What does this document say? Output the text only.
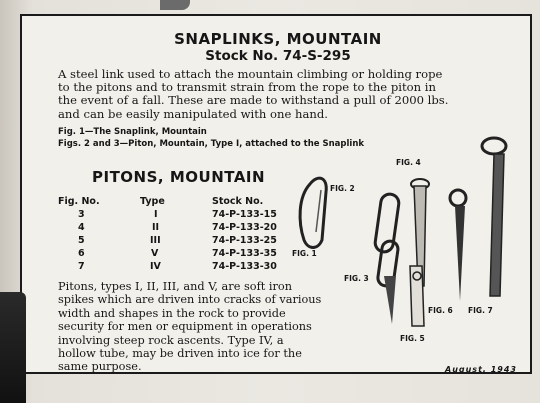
SNAPLINKS, MOUNTAIN
Stock No. 74-S-295
A steel link used to attach the mountain climbing or holding rope
to the pitons and to transmit strain from the rope to the piton in
the event of a fall. These are made to withstand a pull of 2000 lbs.
and can be easily manipulated with one hand.
Fig. 1—The Snaplink, Mountain
Figs. 2 and 3—Piton, Mountain, Type I, attached to the Snaplink
PITONS, MOUNTAIN
Fig. No.	Type	Stock No.
3	I	74-P-133-15
4	II	74-P-133-20
5	III	74-P-133-25
6	V	74-P-133-35
7	IV	74-P-133-30
Pitons, types I, II, III, and V, are soft iron
spikes which are driven into cracks of various
width and shapes in the rock to provide
security for men or equipment in operations
involving steep rock ascents. Type IV, a
hollow tube, may be driven into ice for the
same purpose.
FIG. 1
FIG. 2
FIG. 3
FIG. 4
FIG. 5
FIG. 6 FIG. 7
August, 1943
